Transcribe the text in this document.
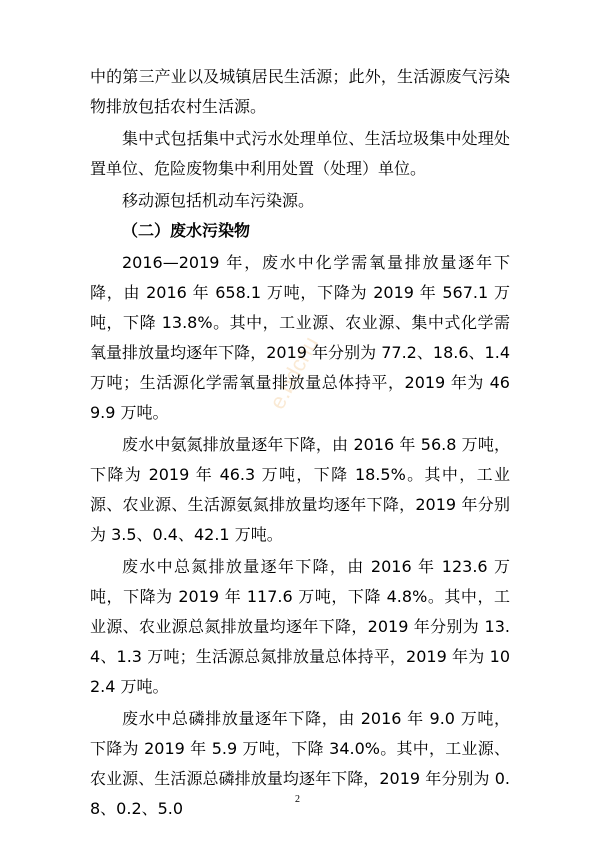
e.bdcnu

中的第三产业以及城镇居民生活源；此外，生活源废气污染物排放包括农村生活源。

集中式包括集中式污水处理单位、生活垃圾集中处理处置单位、危险废物集中利用处置（处理）单位。

移动源包括机动车污染源。

（二）废水污染物

2016—2019 年，废水中化学需氧量排放量逐年下降，由 2016 年 658.1 万吨，下降为 2019 年 567.1 万吨，下降 13.8%。其中，工业源、农业源、集中式化学需氧量排放量均逐年下降，2019 年分别为 77.2、18.6、1.4 万吨；生活源化学需氧量排放量总体持平，2019 年为 469.9 万吨。

废水中氨氮排放量逐年下降，由 2016 年 56.8 万吨，下降为 2019 年 46.3 万吨，下降 18.5%。其中，工业源、农业源、生活源氨氮排放量均逐年下降，2019 年分别为 3.5、0.4、42.1 万吨。

废水中总氮排放量逐年下降，由 2016 年 123.6 万吨，下降为 2019 年 117.6 万吨，下降 4.8%。其中，工业源、农业源总氮排放量均逐年下降，2019 年分别为 13.4、1.3 万吨；生活源总氮排放量总体持平，2019 年为 102.4 万吨。

废水中总磷排放量逐年下降，由 2016 年 9.0 万吨，下降为 2019 年 5.9 万吨，下降 34.0%。其中，工业源、农业源、生活源总磷排放量均逐年下降，2019 年分别为 0.8、0.2、5.0	2
